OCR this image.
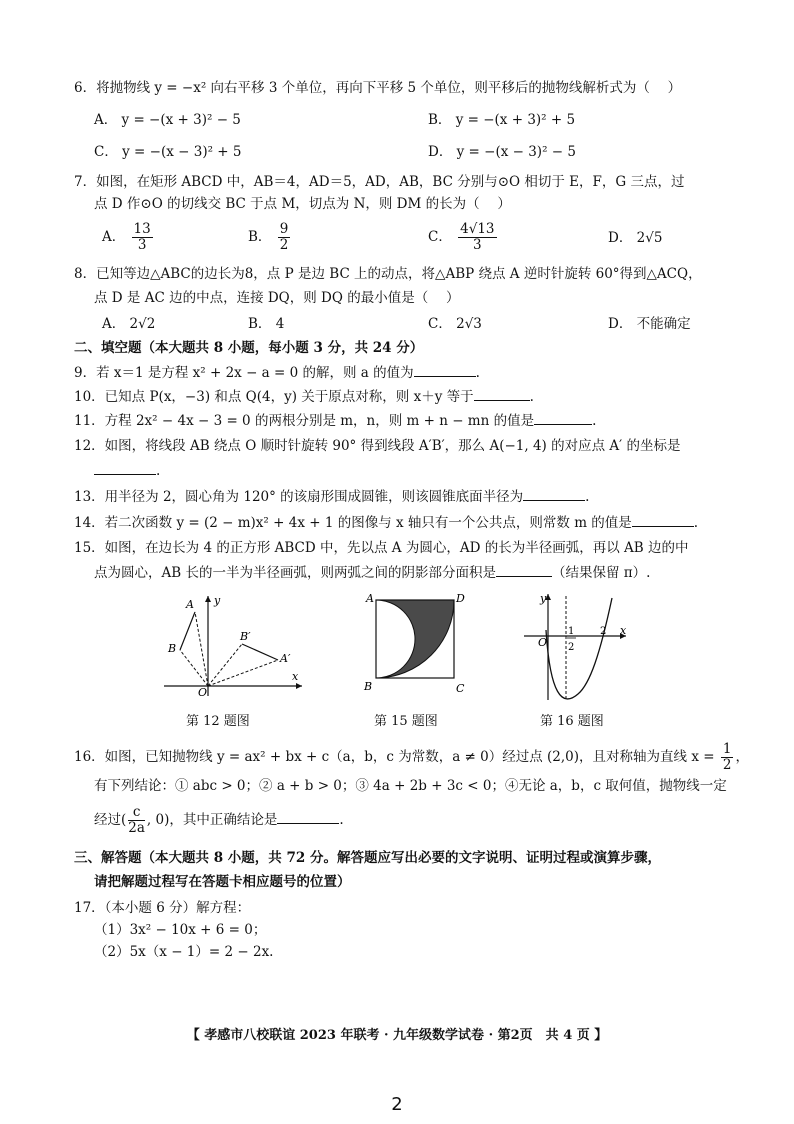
6．将抛物线 y = −x² 向右平移 3 个单位，再向下平移 5 个单位，则平移后的抛物线解析式为（　 ）
A． y = −(x + 3)² − 5	B． y = −(x + 3)² + 5
C． y = −(x − 3)² + 5	D． y = −(x − 3)² − 5
7．如图，在矩形 ABCD 中，AB＝4，AD＝5，AD，AB，BC 分别与⊙O 相切于 E，F，G 三点，过
点 D 作⊙O 的切线交 BC 于点 M，切点为 N，则 DM 的长为（　 ）
A． $\frac{13}{3}$	B． $\frac{9}{2}$	C． $\frac{4√13}{3}$	D． 2√5
8．已知等边△ABC的边长为8，点 P 是边 BC 上的动点，将△ABP 绕点 A 逆时针旋转 60°得到△ACQ，
点 D 是 AC 边的中点，连接 DQ，则 DQ 的最小值是（　 ）
A． 2√2	B． 4	C． 2√3	D． 不能确定
二、填空题（本大题共 8 小题，每小题 3 分，共 24 分）
9．若 x＝1 是方程 x² + 2x − a = 0 的解，则 a 的值为	.
10．已知点 P(x，−3) 和点 Q(4，y) 关于原点对称，则 x＋y 等于	.
11．方程 2x² − 4x − 3 = 0 的两根分别是 m，n，则 m + n − mn 的值是	.
12．如图，将线段 AB 绕点 O 顺时针旋转 90° 得到线段 A′B′，那么 A(−1, 4) 的对应点 A′ 的坐标是
.
13．用半径为 2，圆心角为 120° 的该扇形围成圆锥，则该圆锥底面半径为	.
14．若二次函数 y = (2 − m)x² + 4x + 1 的图像与 x 轴只有一个公共点，则常数 m 的值是	.
15．如图，在边长为 4 的正方形 ABCD 中，先以点 A 为圆心，AD 的长为半径画弧，再以 AB 边的中
点为圆心，AB 长的一半为半径画弧，则两弧之间的阴影部分面积是	（结果保留 π）.
A
B
B′
A′
O
x
y
第 12 题图
A	D
B	C
第 15 题图
y
O
1
2
2 x
第 16 题图
16．如图，已知抛物线 y = ax² + bx + c（a，b，c 为常数，a ≠ 0）经过点 (2,0)，且对称轴为直线 $x = \frac{1}{2}$ ，
有下列结论：① abc > 0；② a + b > 0；③ 4a + 2b + 3c < 0；④无论 a，b，c 取何值，抛物线一定
经过( $\frac{c}{2a}$ , 0)，其中正确结论是	.
三、解答题（本大题共 8 小题，共 72 分。解答题应写出必要的文字说明、证明过程或演算步骤，
请把解题过程写在答题卡相应题号的位置）
17．（本小题 6 分）解方程：
（1）3x² − 10x + 6 = 0；
（2）5x（x − 1）= 2 − 2x.
【 孝感市八校联谊 2023 年联考 · 九年级数学试卷 · 第2页　共 4 页 】
2
